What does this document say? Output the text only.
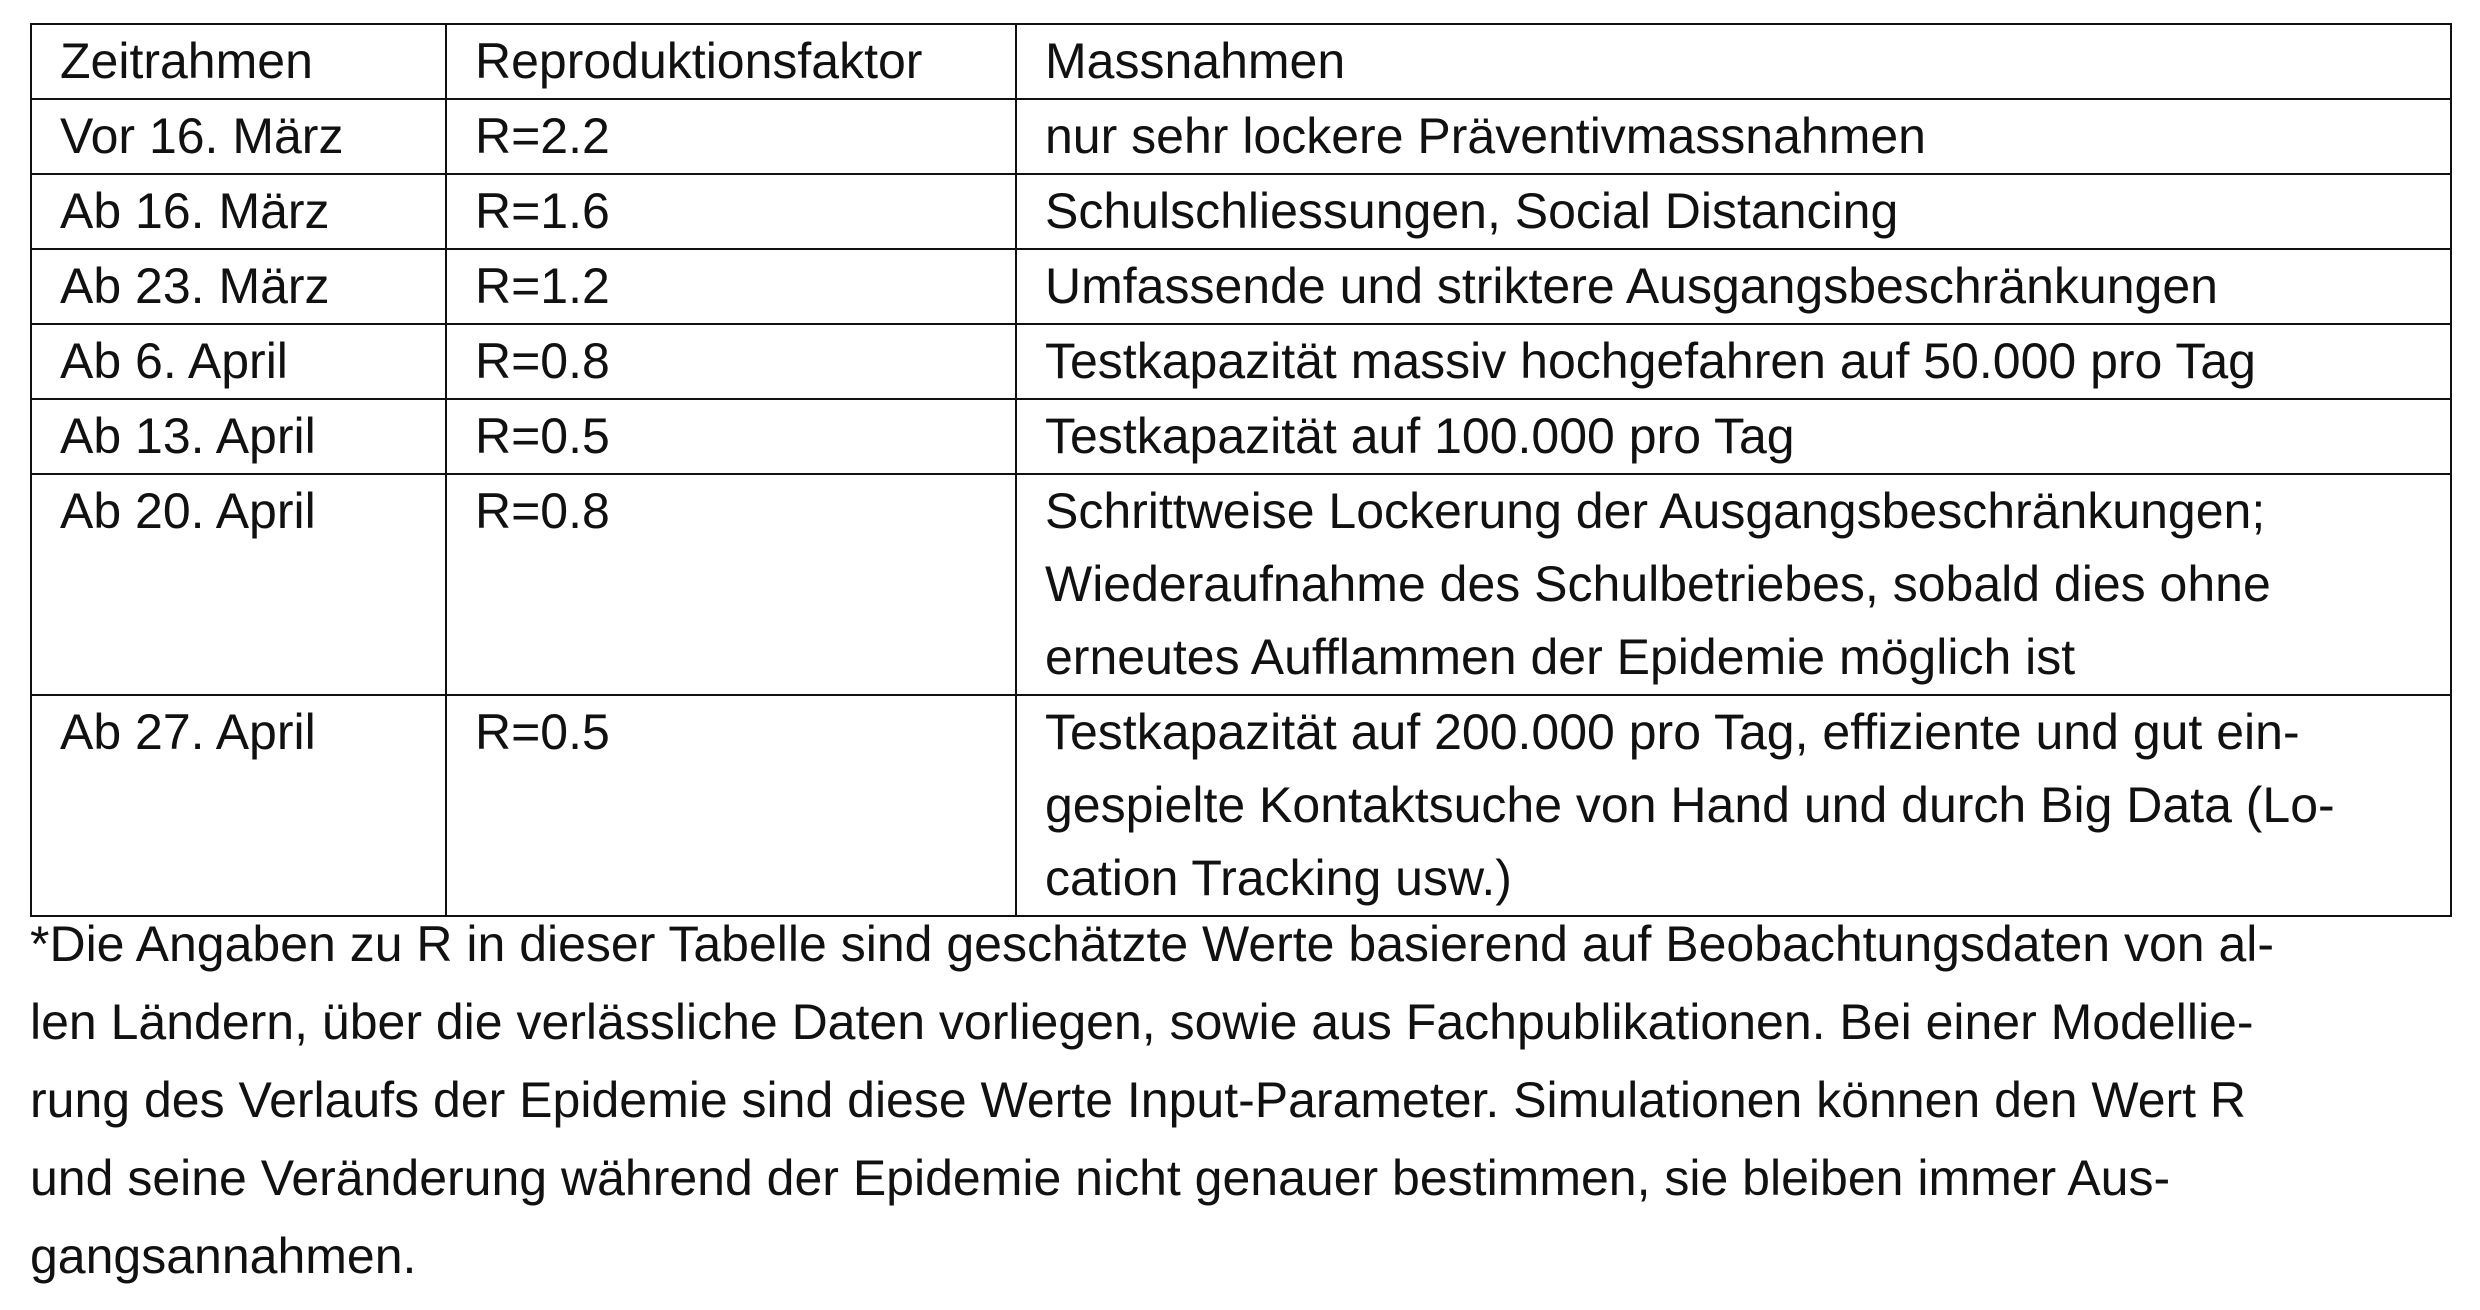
Zeitrahmen	Reproduktionsfaktor	Massnahmen
Vor 16. März	R=2.2	nur sehr lockere Präventivmassnahmen

Ab 16. März	R=1.6	Schulschliessungen, Social Distancing

Ab 23. März	R=1.2	Umfassende und striktere Ausgangsbeschränkungen

Ab 6. April	R=0.8	Testkapazität massiv hochgefahren auf 50.000 pro Tag

Ab 13. April	R=0.5	Testkapazität auf 100.000 pro Tag

Ab 20. April	R=0.8	Schrittweise Lockerung der Ausgangsbeschränkungen;
Wiederaufnahme des Schulbetriebes, sobald dies ohne
erneutes Aufflammen der Epidemie möglich ist

Ab 27. April	R=0.5	Testkapazität auf 200.000 pro Tag, effiziente und gut ein-
gespielte Kontaktsuche von Hand und durch Big Data (Lo-
cation Tracking usw.)
*Die Angaben zu R in dieser Tabelle sind geschätzte Werte basierend auf Beobachtungsdaten von al-
len Ländern, über die verlässliche Daten vorliegen, sowie aus Fachpublikationen. Bei einer Modellie-
rung des Verlaufs der Epidemie sind diese Werte Input-Parameter. Simulationen können den Wert R
und seine Veränderung während der Epidemie nicht genauer bestimmen, sie bleiben immer Aus-
gangsannahmen.
